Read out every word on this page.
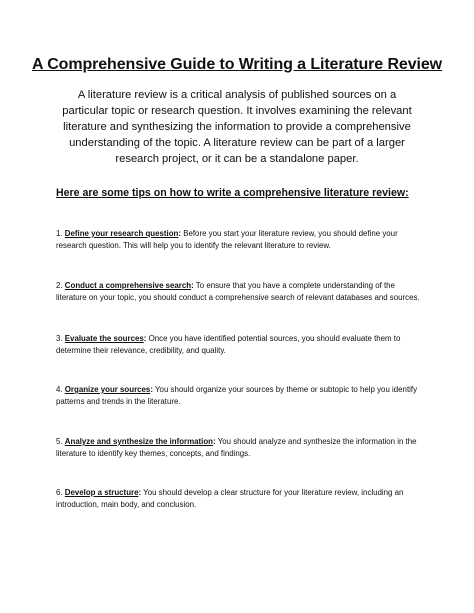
A Comprehensive Guide to Writing a Literature Review
A literature review is a critical analysis of published sources on a particular topic or research question. It involves examining the relevant literature and synthesizing the information to provide a comprehensive understanding of the topic. A literature review can be part of a larger research project, or it can be a standalone paper.
Here are some tips on how to write a comprehensive literature review:
1. Define your research question: Before you start your literature review, you should define your research question. This will help you to identify the relevant literature to review.
2. Conduct a comprehensive search: To ensure that you have a complete understanding of the literature on your topic, you should conduct a comprehensive search of relevant databases and sources.
3. Evaluate the sources: Once you have identified potential sources, you should evaluate them to determine their relevance, credibility, and quality.
4. Organize your sources: You should organize your sources by theme or subtopic to help you identify patterns and trends in the literature.
5. Analyze and synthesize the information: You should analyze and synthesize the information in the literature to identify key themes, concepts, and findings.
6. Develop a structure: You should develop a clear structure for your literature review, including an introduction, main body, and conclusion.
